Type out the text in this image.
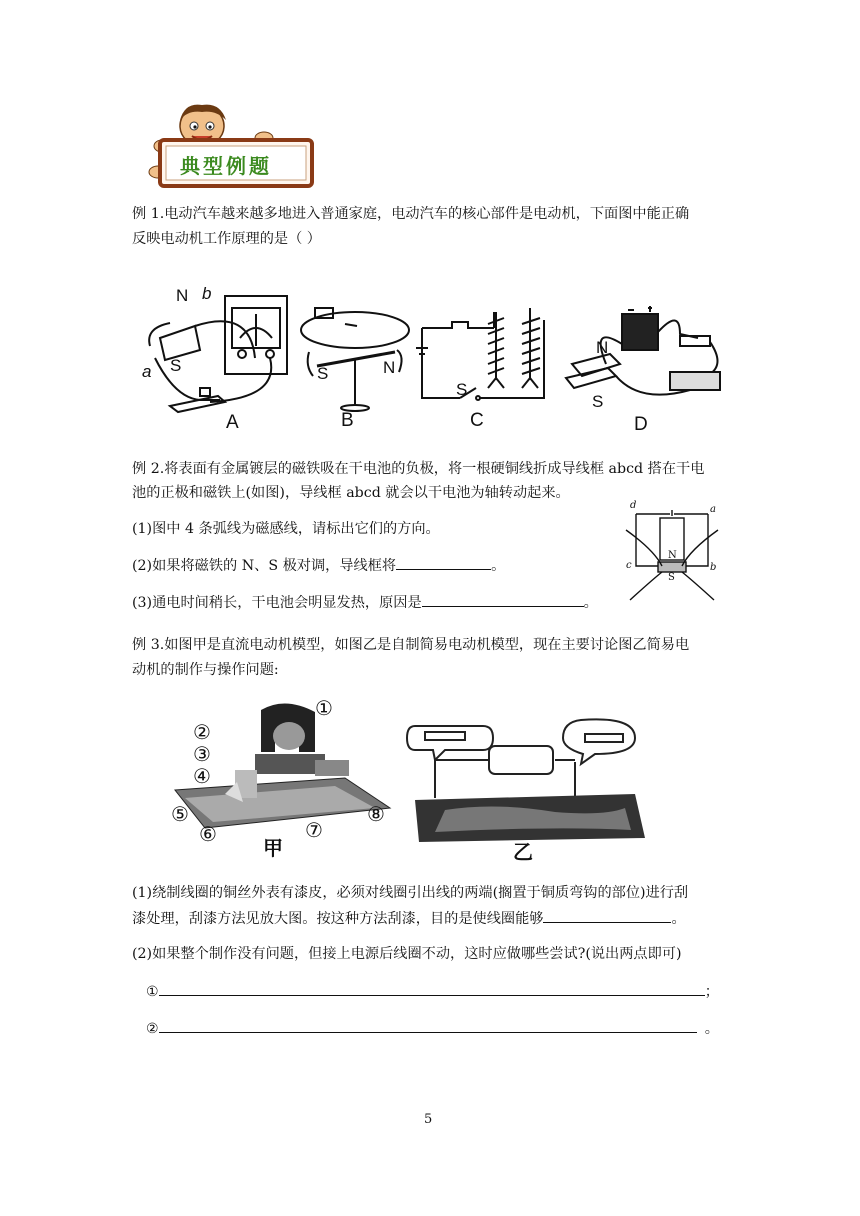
典型例题
例 1.电动汽车越来越多地进入普通家庭，电动汽车的核心部件是电动机，下面图中能正确
反映电动机工作原理的是（ ）
N b
a S
A
S	N
B
S
C
N
S
D
例 2.将表面有金属镀层的磁铁吸在干电池的负极，将一根硬铜线折成导线框 abcd 搭在干电
池的正极和磁铁上(如图)，导线框 abcd 就会以干电池为轴转动起来。
(1)图中 4 条弧线为磁感线，请标出它们的方向。
(2)如果将磁铁的 N、S 极对调，导线框将	。
(3)通电时间稍长，干电池会明显发热，原因是	。
d	a
c	b
N
S
例 3.如图甲是直流电动机模型，如图乙是自制简易电动机模型，现在主要讨论图乙简易电
动机的制作与操作问题:
①
②
③
④
⑤
⑥	⑦
⑧
甲	乙
(1)绕制线圈的铜丝外表有漆皮，必须对线圈引出线的两端(搁置于铜质弯钩的部位)进行刮
漆处理，刮漆方法见放大图。按这种方法刮漆，目的是使线圈能够	。
(2)如果整个制作没有问题，但接上电源后线圈不动，这时应做哪些尝试?(说出两点即可)
①	；
②	。
5
